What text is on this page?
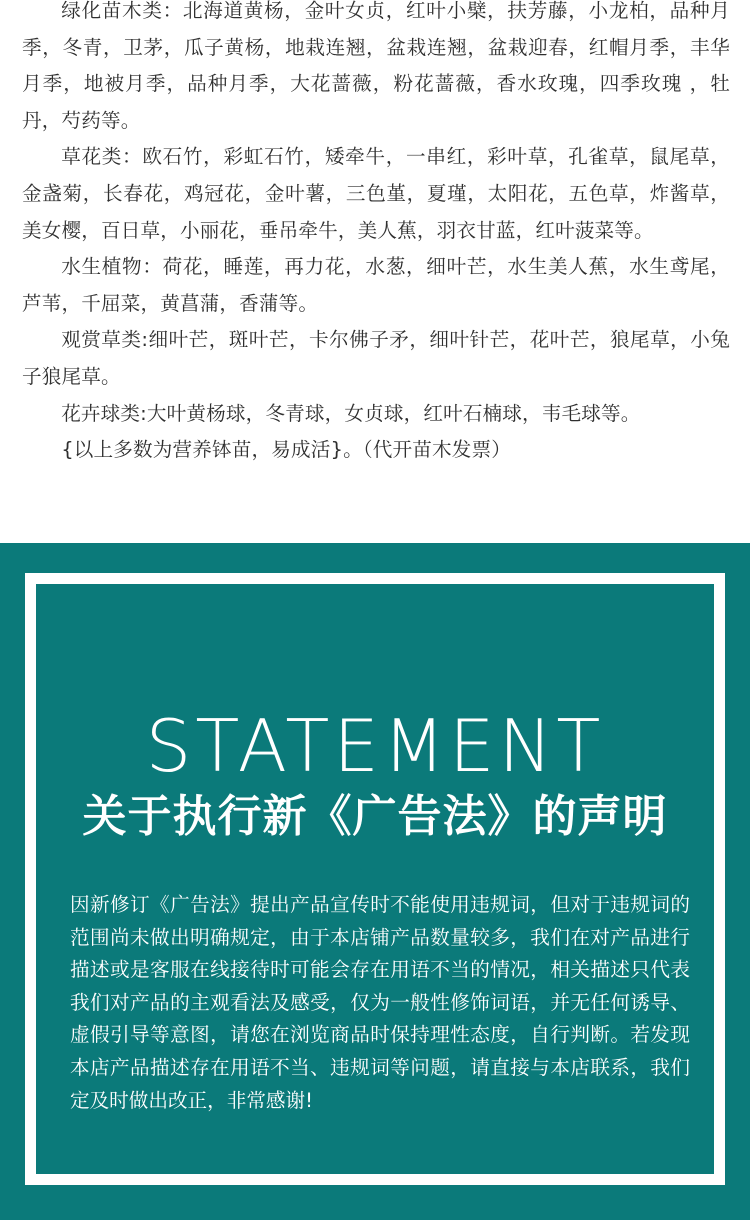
绿化苗木类：北海道黄杨，金叶女贞，红叶小檗，扶芳藤，小龙柏，品种月季，冬青，卫茅，瓜子黄杨，地栽连翘，盆栽连翘，盆栽迎春，红帽月季，丰华月季，地被月季，品种月季，大花蔷薇，粉花蔷薇，香水玫瑰，四季玫瑰 ，牡丹，芍药等。

草花类：欧石竹，彩虹石竹，矮牵牛，一串红，彩叶草，孔雀草，鼠尾草，金盏菊，长春花，鸡冠花，金叶薯，三色堇，夏瑾，太阳花，五色草，炸酱草，美女樱，百日草，小丽花，垂吊牵牛，美人蕉，羽衣甘蓝，红叶菠菜等。

水生植物：荷花，睡莲，再力花，水葱，细叶芒，水生美人蕉，水生鸢尾，芦苇，千屈菜，黄菖蒲，香蒲等。

观赏草类:细叶芒，斑叶芒，卡尔佛子矛，细叶针芒，花叶芒，狼尾草，小兔子狼尾草。

花卉球类:大叶黄杨球，冬青球，女贞球，红叶石楠球，韦毛球等。

{以上多数为营养钵苗，易成活}。（代开苗木发票）

STATEMENT
关于执行新《广告法》的声明

因新修订《广告法》提出产品宣传时不能使用违规词，但对于违规词的范围尚未做出明确规定，由于本店铺产品数量较多，我们在对产品进行描述或是客服在线接待时可能会存在用语不当的情况，相关描述只代表我们对产品的主观看法及感受，仅为一般性修饰词语，并无任何诱导、虚假引导等意图，请您在浏览商品时保持理性态度，自行判断。若发现本店产品描述存在用语不当、违规词等问题，请直接与本店联系，我们定及时做出改正，非常感谢!
